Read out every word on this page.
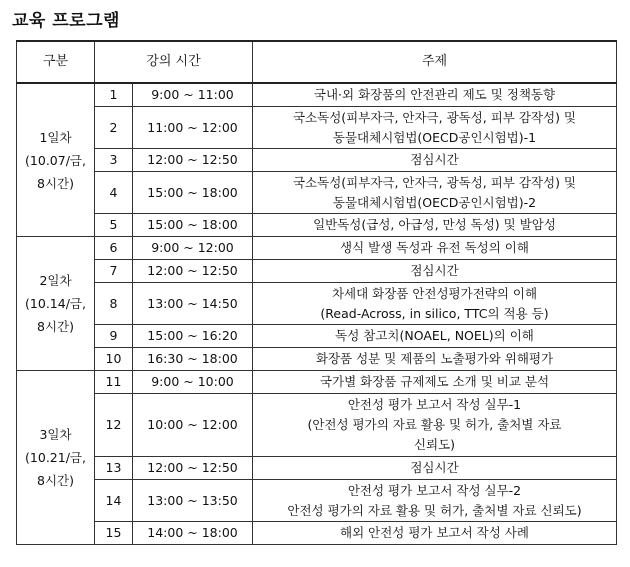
교육 프로그램
구분	강의 시간		주제

1일차
(10.07/금,
8시간)	1	9:00 ~ 11:00	국내·외 화장품의 안전관리 제도 및 정책동향

	2	11:00 ~ 12:00	국소독성(피부자극, 안자극, 광독성, 피부 감작성) 및
동물대체시험법(OECD공인시험법)-1

	3	12:00 ~ 12:50	점심시간

	4	15:00 ~ 18:00	국소독성(피부자극, 안자극, 광독성, 피부 감작성) 및
동물대체시험법(OECD공인시험법)-2

	5	15:00 ~ 18:00	일반독성(급성, 아급성, 만성 독성) 및 발암성

2일차
(10.14/금,
8시간)	6	9:00 ~ 12:00	생식 발생 독성과 유전 독성의 이해

	7	12:00 ~ 12:50	점심시간

	8	13:00 ~ 14:50	차세대 화장품 안전성평가전략의 이해
(Read-Across, in silico, TTC의 적용 등)

	9	15:00 ~ 16:20	독성 참고치(NOAEL, NOEL)의 이해

	10	16:30 ~ 18:00	화장품 성분 및 제품의 노출평가와 위해평가

3일차
(10.21/금,
8시간)	11	9:00 ~ 10:00	국가별 화장품 규제제도 소개 및 비교 분석

	12	10:00 ~ 12:00	안전성 평가 보고서 작성 실무-1
(안전성 평가의 자료 활용 및 허가, 출처별 자료
신뢰도)

	13	12:00 ~ 12:50	점심시간

	14	13:00 ~ 13:50	안전성 평가 보고서 작성 실무-2
안전성 평가의 자료 활용 및 허가, 출처별 자료 신뢰도)

	15	14:00 ~ 18:00	해외 안전성 평가 보고서 작성 사례
